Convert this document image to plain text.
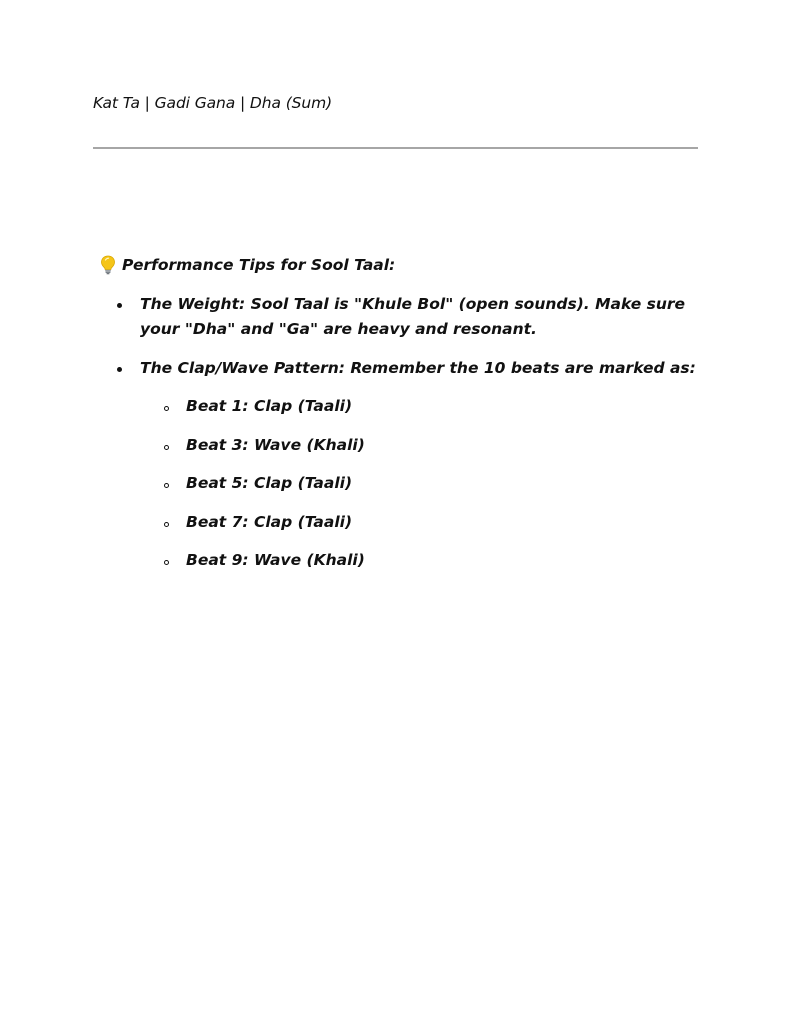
Kat Ta | Gadi Gana | Dha (Sum)
Performance Tips for Sool Taal:
The Weight: Sool Taal is "Khule Bol" (open sounds). Make sure your "Dha" and "Ga" are heavy and resonant.
The Clap/Wave Pattern: Remember the 10 beats are marked as:
Beat 1: Clap (Taali)
Beat 3: Wave (Khali)
Beat 5: Clap (Taali)
Beat 7: Clap (Taali)
Beat 9: Wave (Khali)
